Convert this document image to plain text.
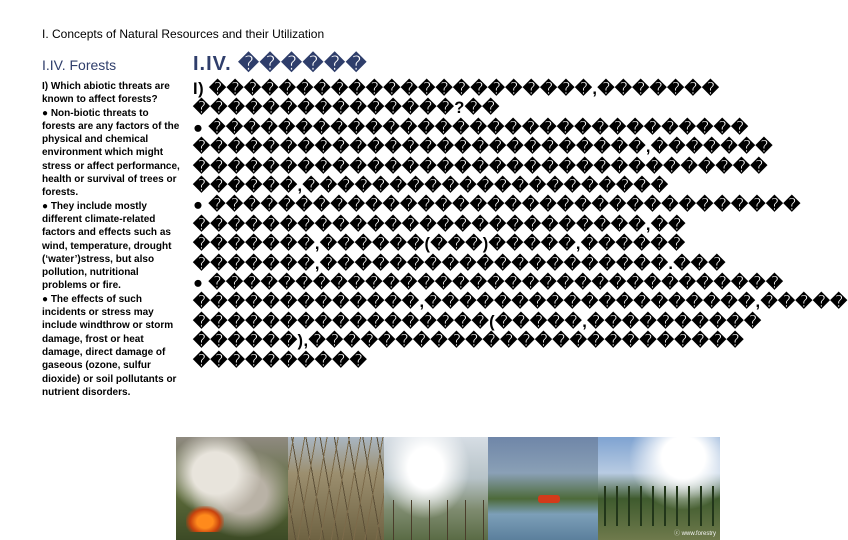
I. Concepts of Natural Resources and their Utilization
I.IV. Forests

I) Which abiotic threats are known to affect forests?

● Non-biotic threats to forests are any factors of the physical and chemical environment which might stress or affect performance, health or survival of trees or forests.

● They include mostly different climate-related factors and effects such as wind, temperature, drought (‘water’)stress, but also pollution, nutritional problems or fire.

● The effects of such incidents or stress may include windthrow or storm damage, frost or heat damage, direct damage of gaseous (ozone, sulfur dioxide) or soil pollutants or nutrient disorders.

I.IV. ������

I) ����������������������,�������

���������������?��

● �������������������������������

��������������������������,�������

���������������������������������

������,���������������������

● ����������������������������������

��������������������������,��

�������,������(���)�����,������

�������,��������������������.���

● ���������������������������������

�������������,�������������������,�����

�����������������(�����,����������

������),�������������������������

����������

ⓒ www.forestry
